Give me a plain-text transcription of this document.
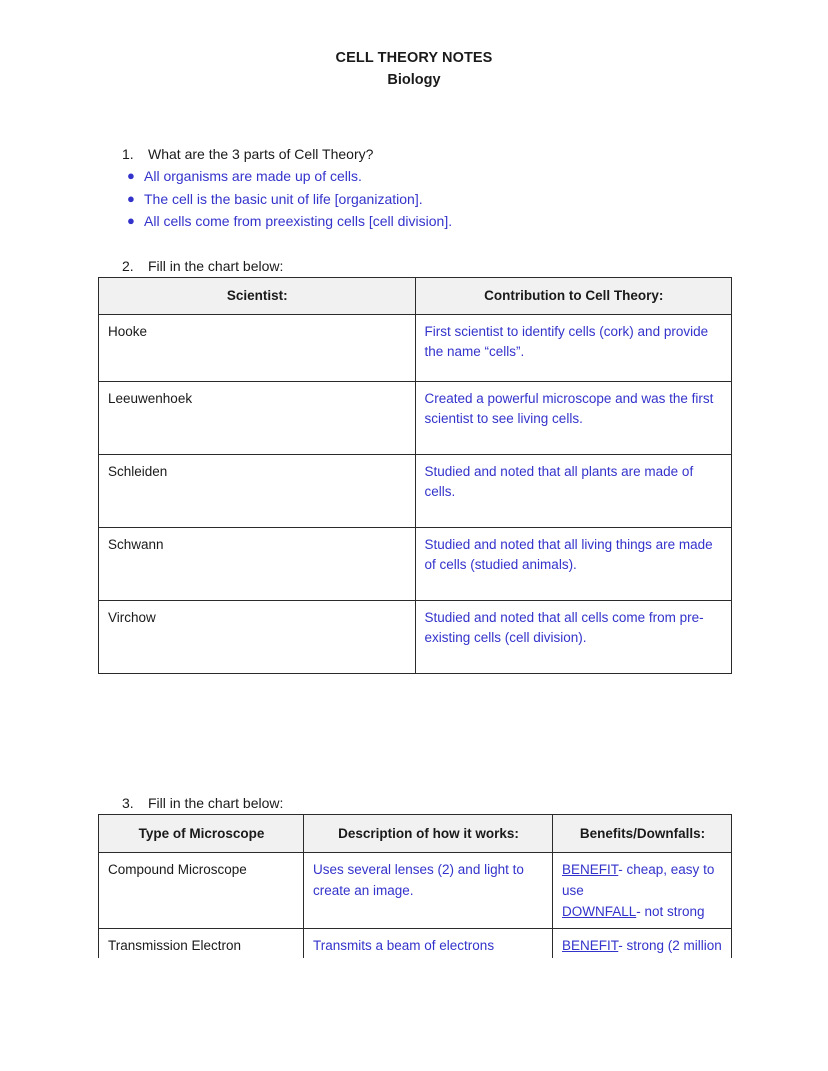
CELL THEORY NOTES
Biology
1.	What are the 3 parts of Cell Theory?
● All organisms are made up of cells.
● The cell is the basic unit of life [organization].
● All cells come from preexisting cells [cell division].
2.	Fill in the chart below:
Scientist:	Contribution to Cell Theory:
Hooke	First scientist to identify cells (cork) and provide the name “cells”.
Leeuwenhoek	Created a powerful microscope and was the first scientist to see living cells.
Schleiden	Studied and noted that all plants are made of cells.
Schwann	Studied and noted that all living things are made of cells (studied animals).
Virchow	Studied and noted that all cells come from pre-existing cells (cell division).
3.	Fill in the chart below:
Type of Microscope	Description of how it works:	Benefits/Downfalls:
Compound Microscope	Uses several lenses (2) and light to create an image.	BENEFIT- cheap, easy to use
DOWNFALL- not strong
Transmission Electron	Transmits a beam of electrons	BENEFIT- strong (2 million
